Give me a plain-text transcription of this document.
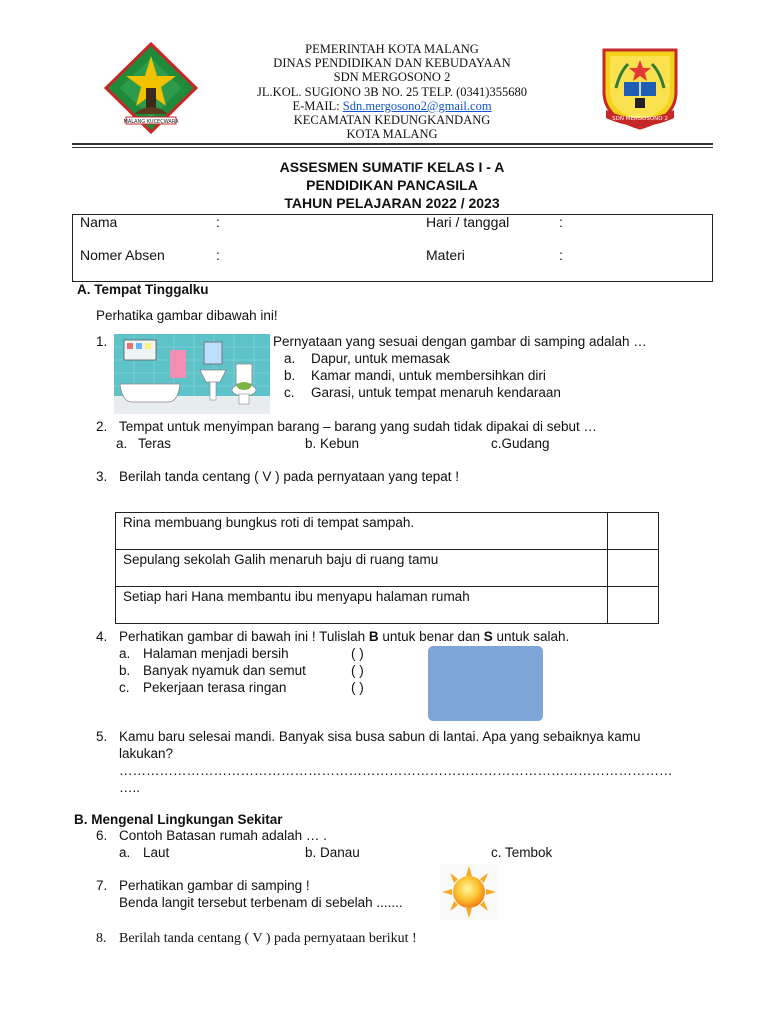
MALANG KUCEÇWARA	SDN MERGOSONO 2
PEMERINTAH KOTA MALANG
DINAS PENDIDIKAN DAN KEBUDAYAAN
SDN MERGOSONO 2
JL.KOL. SUGIONO 3B NO. 25 TELP. (0341)355680
E-MAIL: Sdn.mergosono2@gmail.com
KECAMATAN KEDUNGKANDANG
KOTA MALANG
ASSESMEN SUMATIF KELAS I - A
PENDIDIKAN PANCASILA
TAHUN PELAJARAN 2022 / 2023
Nama	:	Hari / tanggal	:
Nomer Absen	:	Materi	:
A. Tempat Tinggalku
Perhatika gambar dibawah ini!
1.	Pernyataan yang sesuai dengan gambar di samping adalah …
a. Dapur, untuk memasak
b. Kamar mandi, untuk membersihkan diri
c. Garasi, untuk tempat menaruh kendaraan
2. Tempat untuk menyimpan barang – barang yang sudah tidak dipakai di sebut …
a. Teras	b. Kebun	c.Gudang
3. Berilah tanda centang ( V ) pada pernyataan yang tepat !
Rina membuang bungkus roti di tempat sampah.	
Sepulang sekolah Galih menaruh baju di ruang tamu	
Setiap hari Hana membantu ibu menyapu halaman rumah	
4. Perhatikan gambar di bawah ini ! Tulislah B untuk benar dan S untuk salah.
a. Halaman menjadi bersih	( )
b. Banyak nyamuk dan semut	( )
c. Pekerjaan terasa ringan	( )
5. Kamu baru selesai mandi. Banyak sisa busa sabun di lantai. Apa yang sebaiknya kamu
lakukan?
……………………………………………………………………………………………………………
…..
B. Mengenal Lingkungan Sekitar
6. Contoh Batasan rumah adalah … .
a. Laut	b. Danau	c. Tembok
7. Perhatikan gambar di samping !
Benda langit tersebut terbenam di sebelah .......
8. Berilah tanda centang ( V ) pada pernyataan berikut !
